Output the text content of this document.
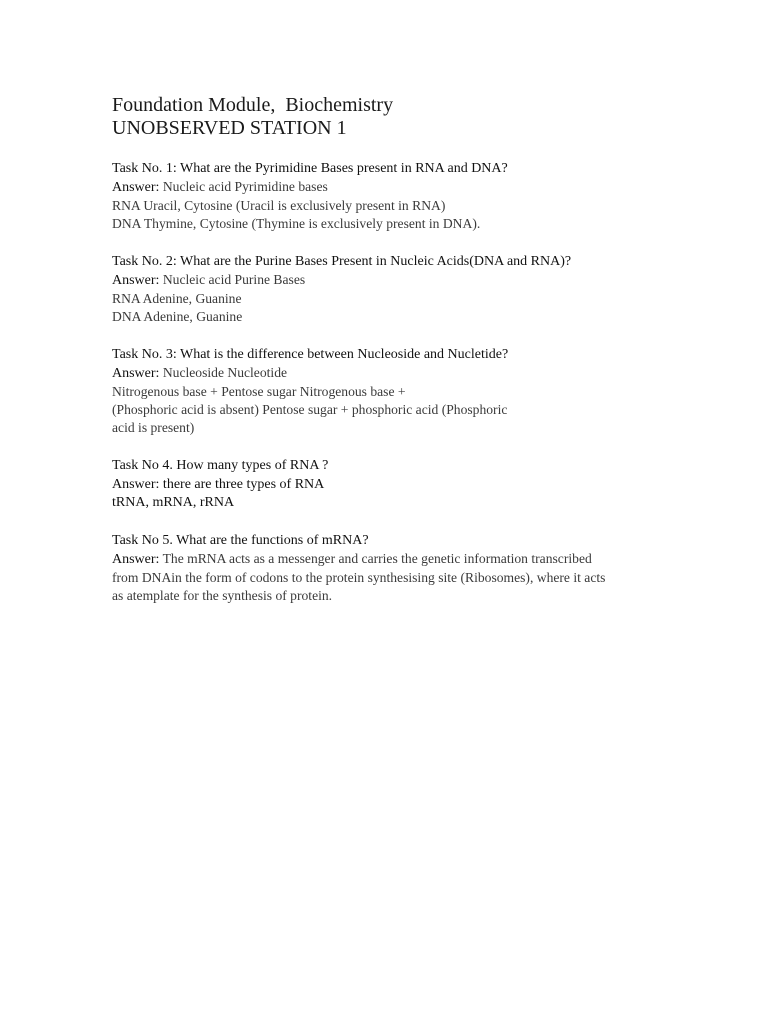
Foundation Module,  Biochemistry

UNOBSERVED STATION 1

Task No. 1: What are the Pyrimidine Bases present in RNA and DNA?

Answer: Nucleic acid Pyrimidine bases

RNA Uracil, Cytosine (Uracil is exclusively present in RNA)

DNA Thymine, Cytosine (Thymine is exclusively present in DNA).

Task No. 2: What are the Purine Bases Present in Nucleic Acids(DNA and RNA)?

Answer: Nucleic acid Purine Bases

RNA Adenine, Guanine

DNA Adenine, Guanine

Task No. 3: What is the difference between Nucleoside and Nucletide?

Answer: Nucleoside Nucleotide

Nitrogenous base + Pentose sugar Nitrogenous base +

(Phosphoric acid is absent) Pentose sugar + phosphoric acid (Phosphoric

acid is present)

Task No 4. How many types of RNA ?

Answer: there are three types of RNA

tRNA, mRNA, rRNA

Task No 5. What are the functions of mRNA?

Answer: The mRNA acts as a messenger and carries the genetic information transcribed

from DNAin the form of codons to the protein synthesising site (Ribosomes), where it acts

as atemplate for the synthesis of protein.
